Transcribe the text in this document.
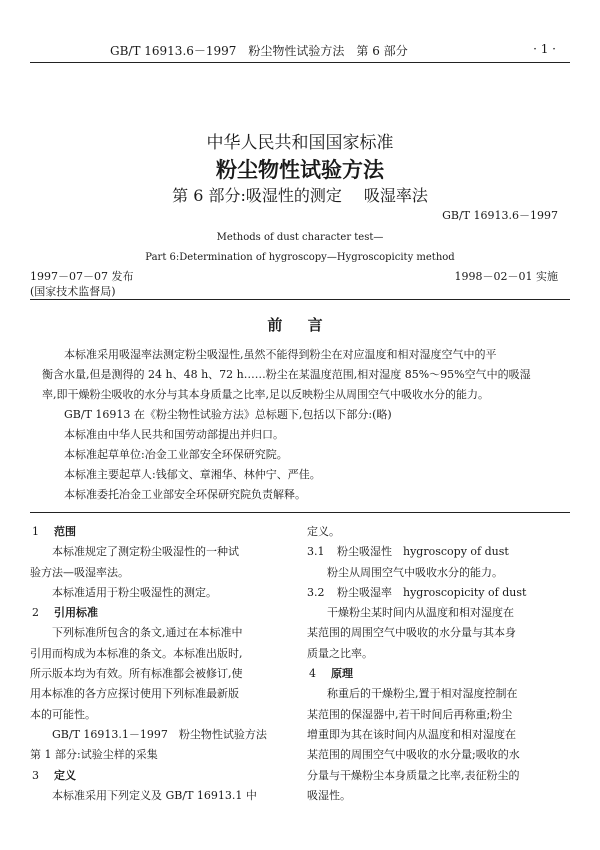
GB/T 16913.6－1997　粉尘物性试验方法　第 6 部分	· 1 ·
中华人民共和国国家标准
粉尘物性试验方法
第 6 部分:吸湿性的测定 吸湿率法
GB/T 16913.6－1997
Methods of dust character test—
Part 6:Determination of hygroscopy—Hygroscopicity method
1997－07－07 发布
(国家技术监督局)
1998－02－01 实施
前 言

本标准采用吸湿率法测定粉尘吸湿性,虽然不能得到粉尘在对应温度和相对湿度空气中的平

衡含水量,但是测得的 24 h、48 h、72 h……粉尘在某温度范围,相对湿度 85%～95%空气中的吸湿

率,即干燥粉尘吸收的水分与其本身质量之比率,足以反映粉尘从周围空气中吸收水分的能力。

GB/T 16913 在《粉尘物性试验方法》总标题下,包括以下部分:(略)

本标准由中华人民共和国劳动部提出并归口。

本标准起草单位:冶金工业部安全环保研究院。

本标准主要起草人:钱郁文、章湘华、林仲宁、严佳。

本标准委托冶金工业部安全环保研究院负责解释。

1 范围

本标准规定了测定粉尘吸湿性的一种试

验方法—吸湿率法。

本标准适用于粉尘吸湿性的测定。

2 引用标准

下列标准所包含的条文,通过在本标准中

引用而构成为本标准的条文。本标准出版时,

所示版本均为有效。所有标准都会被修订,使

用本标准的各方应探讨使用下列标准最新版

本的可能性。

GB/T 16913.1－1997　粉尘物性试验方法

第 1 部分:试验尘样的采集

3 定义

本标准采用下列定义及 GB/T 16913.1 中

定义。

3.1 粉尘吸湿性　hygroscopy of dust

粉尘从周围空气中吸收水分的能力。

3.2 粉尘吸湿率　hygroscopicity of dust

干燥粉尘某时间内从温度和相对湿度在

某范围的周围空气中吸收的水分量与其本身

质量之比率。

4 原理

称重后的干燥粉尘,置于相对湿度控制在

某范围的保湿器中,若干时间后再称重;粉尘

增重即为其在该时间内从温度和相对湿度在

某范围的周围空气中吸收的水分量;吸收的水

分量与干燥粉尘本身质量之比率,表征粉尘的

吸湿性。
